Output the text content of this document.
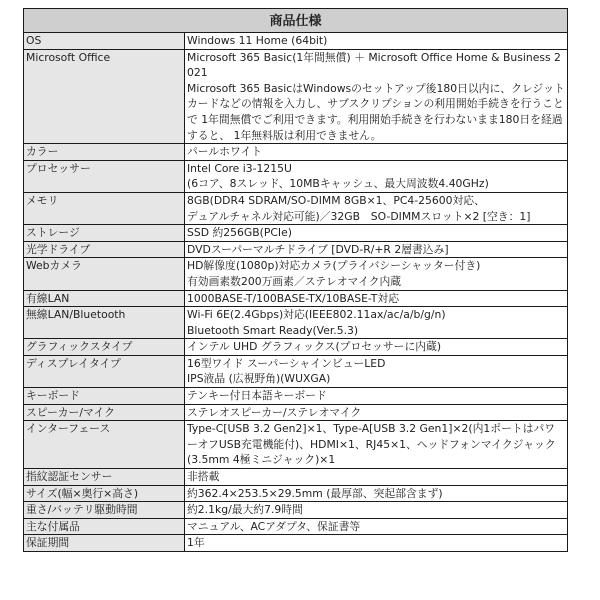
商品仕様	
OS	Windows 11 Home (64bit)

Microsoft Office	Microsoft 365 Basic(1年間無償) ＋ Microsoft Office Home & Business 2021
Microsoft 365 BasicはWindowsのセットアップ後180日以内に、クレジットカードなどの情報を入力し、サブスクリプションの利用開始手続きを行うことで 1年間無償でご利用できます。利用開始手続きを行わないまま180日を経過すると、 1年無料版は利用できません。

カラー	パールホワイト

プロセッサー	Intel Core i3-1215U
(6コア、8スレッド、10MBキャッシュ、最大周波数4.40GHz)

メモリ	8GB(DDR4 SDRAM/SO-DIMM 8GB×1、PC4-25600対応、
デュアルチャネル対応可能)／32GB　SO-DIMMスロット×2 [空き：1]

ストレージ	SSD 約256GB(PCIe)

光学ドライブ	DVDスーパーマルチドライブ [DVD-R/+R 2層書込み]

Webカメラ	HD解像度(1080p)対応カメラ(プライバシーシャッター付き)
有効画素数200万画素／ステレオマイク内蔵

有線LAN	1000BASE-T/100BASE-TX/10BASE-T対応

無線LAN/Bluetooth	Wi-Fi 6E(2.4Gbps)対応(IEEE802.11ax/ac/a/b/g/n)
Bluetooth Smart Ready(Ver.5.3)

グラフィックスタイプ	インテル UHD グラフィックス(プロセッサーに内蔵)

ディスプレイタイプ	16型ワイド スーパーシャインビューLED
IPS液晶 (広視野角)(WUXGA)

キーボード	テンキー付日本語キーボード

スピーカー/マイク	ステレオスピーカー/ステレオマイク

インターフェース	Type-C[USB 3.2 Gen2]×1、Type-A[USB 3.2 Gen1]×2(内1ポートはパワーオフUSB充電機能付)、HDMI×1、RJ45×1、ヘッドフォンマイクジャック(3.5mm 4極ミニジャック)×1

指紋認証センサー	非搭載

サイズ(幅×奥行×高さ)	約362.4×253.5×29.5mm (最厚部、突起部含まず)

重さ/バッテリ駆動時間	約2.1kg/最大約7.9時間

主な付属品	マニュアル、ACアダプタ、保証書等

保証期間	1年
